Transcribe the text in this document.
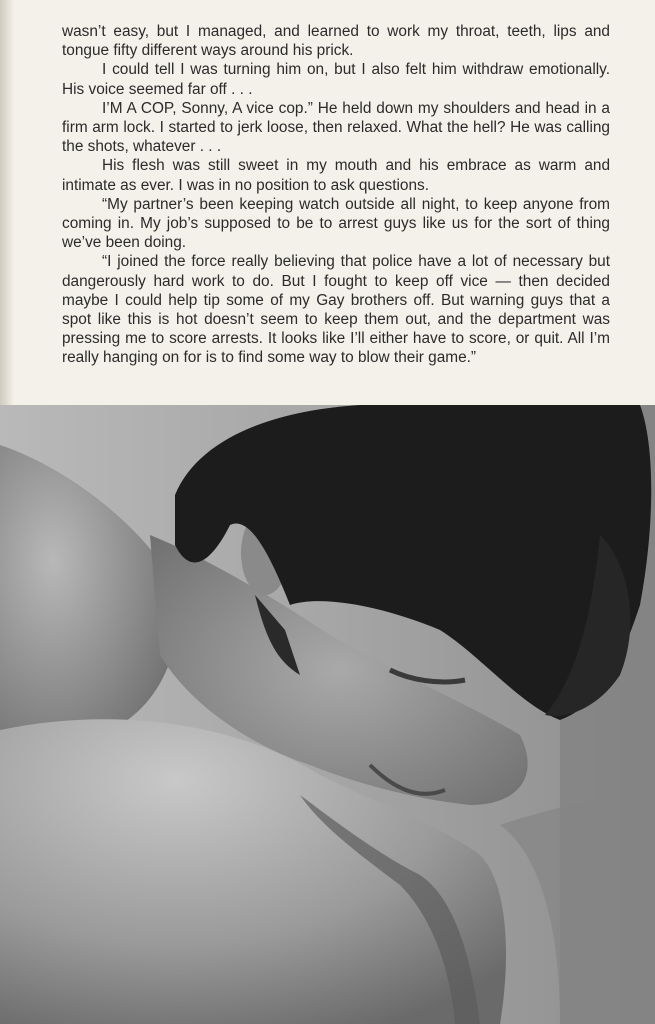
wasn’t easy, but I managed, and learned to work my throat, teeth, lips and tongue fifty different ways around his prick.

I could tell I was turning him on, but I also felt him withdraw emotionally. His voice seemed far off . . .

I’M A COP, Sonny, A vice cop.” He held down my shoulders and head in a firm arm lock. I started to jerk loose, then relaxed. What the hell? He was calling the shots, whatever . . .

His flesh was still sweet in my mouth and his embrace as warm and intimate as ever. I was in no position to ask questions.

“My partner’s been keeping watch outside all night, to keep anyone from coming in. My job’s supposed to be to arrest guys like us for the sort of thing we’ve been doing.

“I joined the force really believing that police have a lot of necessary but dangerously hard work to do. But I fought to keep off vice — then decided maybe I could help tip some of my Gay brothers off. But warning guys that a spot like this is hot doesn’t seem to keep them out, and the department was pressing me to score arrests. It looks like I’ll either have to score, or quit. All I’m really hanging on for is to find some way to blow their game.”
